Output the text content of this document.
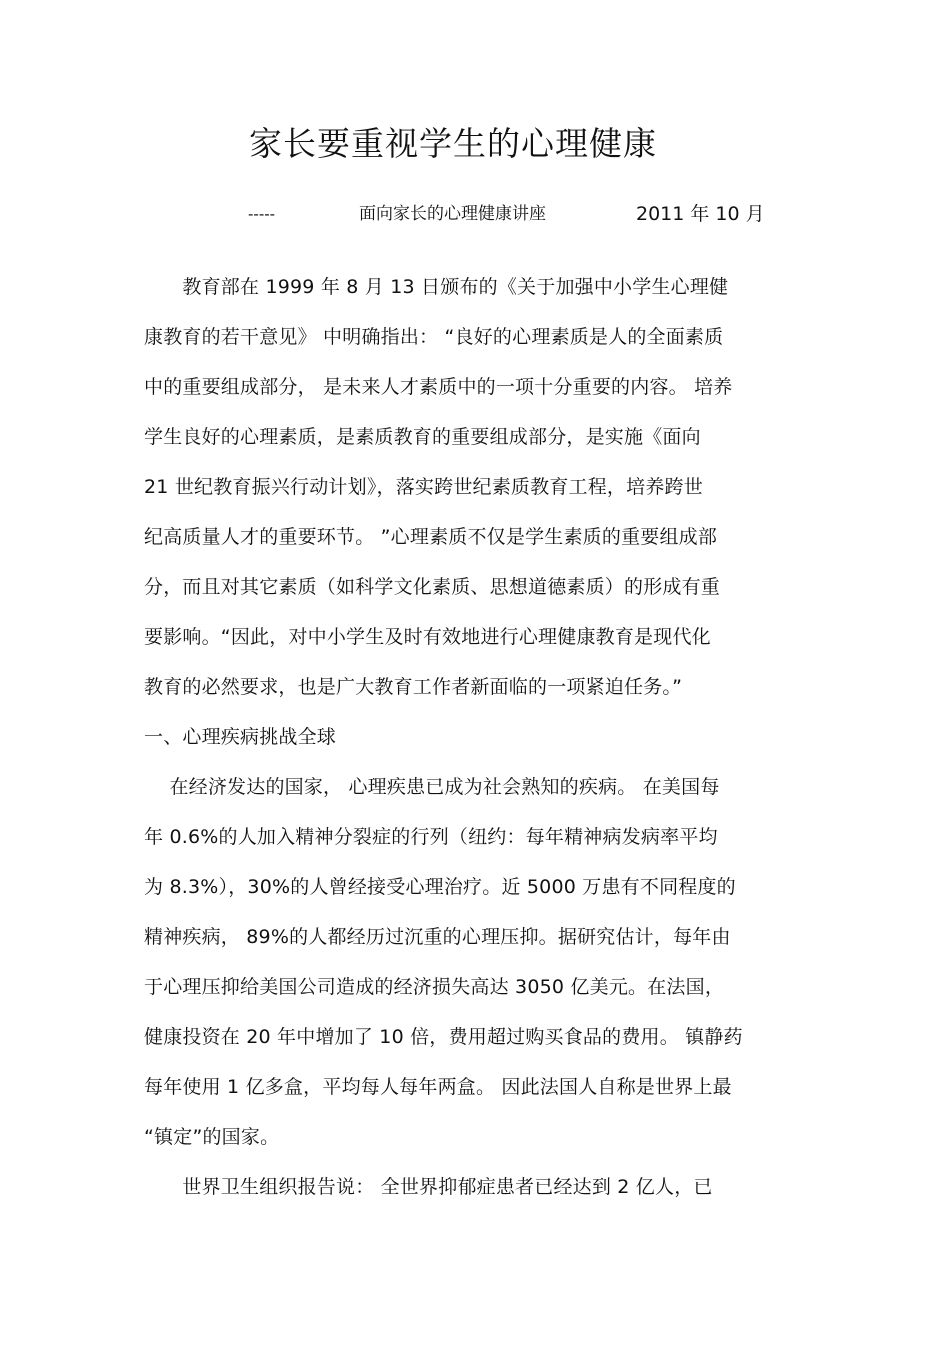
家长要重视学生的心理健康
-----	面向家长的心理健康讲座	2011 年 10 月
　　教育部在 1999 年 8 月 13 日颁布的《关于加强中小学生心理健
康教育的若干意见》 中明确指出： “良好的心理素质是人的全面素质
中的重要组成部分， 是未来人才素质中的一项十分重要的内容。 培养
学生良好的心理素质，是素质教育的重要组成部分，是实施《面向
21 世纪教育振兴行动计划》，落实跨世纪素质教育工程，培养跨世
纪高质量人才的重要环节。 ”心理素质不仅是学生素质的重要组成部
分，而且对其它素质（如科学文化素质、思想道德素质）的形成有重
要影响。“因此，对中小学生及时有效地进行心理健康教育是现代化
教育的必然要求，也是广大教育工作者新面临的一项紧迫任务。”
一、心理疾病挑战全球
　 在经济发达的国家， 心理疾患已成为社会熟知的疾病。 在美国每
年 0.6%的人加入精神分裂症的行列（纽约：每年精神病发病率平均
为 8.3%），30%的人曾经接受心理治疗。近 5000 万患有不同程度的
精神疾病， 89%的人都经历过沉重的心理压抑。据研究估计，每年由
于心理压抑给美国公司造成的经济损失高达 3050 亿美元。在法国，
健康投资在 20 年中增加了 10 倍，费用超过购买食品的费用。 镇静药
每年使用 1 亿多盒，平均每人每年两盒。 因此法国人自称是世界上最
“镇定”的国家。
　　世界卫生组织报告说： 全世界抑郁症患者已经达到 2 亿人，已
